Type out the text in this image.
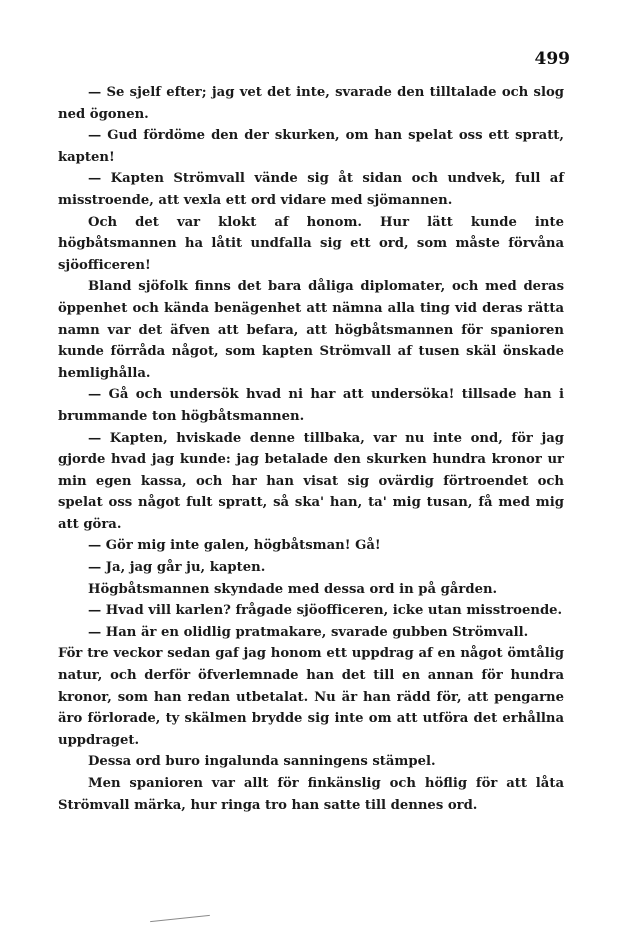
499

— Se sjelf efter; jag vet det inte, svarade den tilltalade och slog ned ögonen.

— Gud fördöme den der skurken, om han spelat oss ett spratt, kapten!

— Kapten Strömvall vände sig åt sidan och undvek, full af misstroende, att vexla ett ord vidare med sjömannen.

Och det var klokt af honom. Hur lätt kunde inte högbåtsmannen ha låtit undfalla sig ett ord, som måste förvåna sjöofficeren!

Bland sjöfolk finns det bara dåliga diplomater, och med deras öppenhet och kända benägenhet att nämna alla ting vid deras rätta namn var det äfven att befara, att högbåtsmannen för spanioren kunde förråda något, som kapten Strömvall af tusen skäl önskade hemlighålla.

— Gå och undersök hvad ni har att undersöka! tillsade han i brummande ton högbåtsmannen.

— Kapten, hviskade denne tillbaka, var nu inte ond, för jag gjorde hvad jag kunde: jag betalade den skurken hundra kronor ur min egen kassa, och har han visat sig ovärdig förtroendet och spelat oss något fult spratt, så ska' han, ta' mig tusan, få med mig att göra.

— Gör mig inte galen, högbåtsman! Gå!

— Ja, jag går ju, kapten.

Högbåtsmannen skyndade med dessa ord in på gården.

— Hvad vill karlen? frågade sjöofficeren, icke utan misstroende.

— Han är en olidlig pratmakare, svarade gubben Strömvall.

För tre veckor sedan gaf jag honom ett uppdrag af en något ömtålig natur, och derför öfverlemnade han det till en annan för hundra kronor, som han redan utbetalat. Nu är han rädd för, att pengarne äro förlorade, ty skälmen brydde sig inte om att utföra det erhållna uppdraget.

Dessa ord buro ingalunda sanningens stämpel.

Men spanioren var allt för finkänslig och höflig för att låta Strömvall märka, hur ringa tro han satte till dennes ord.
